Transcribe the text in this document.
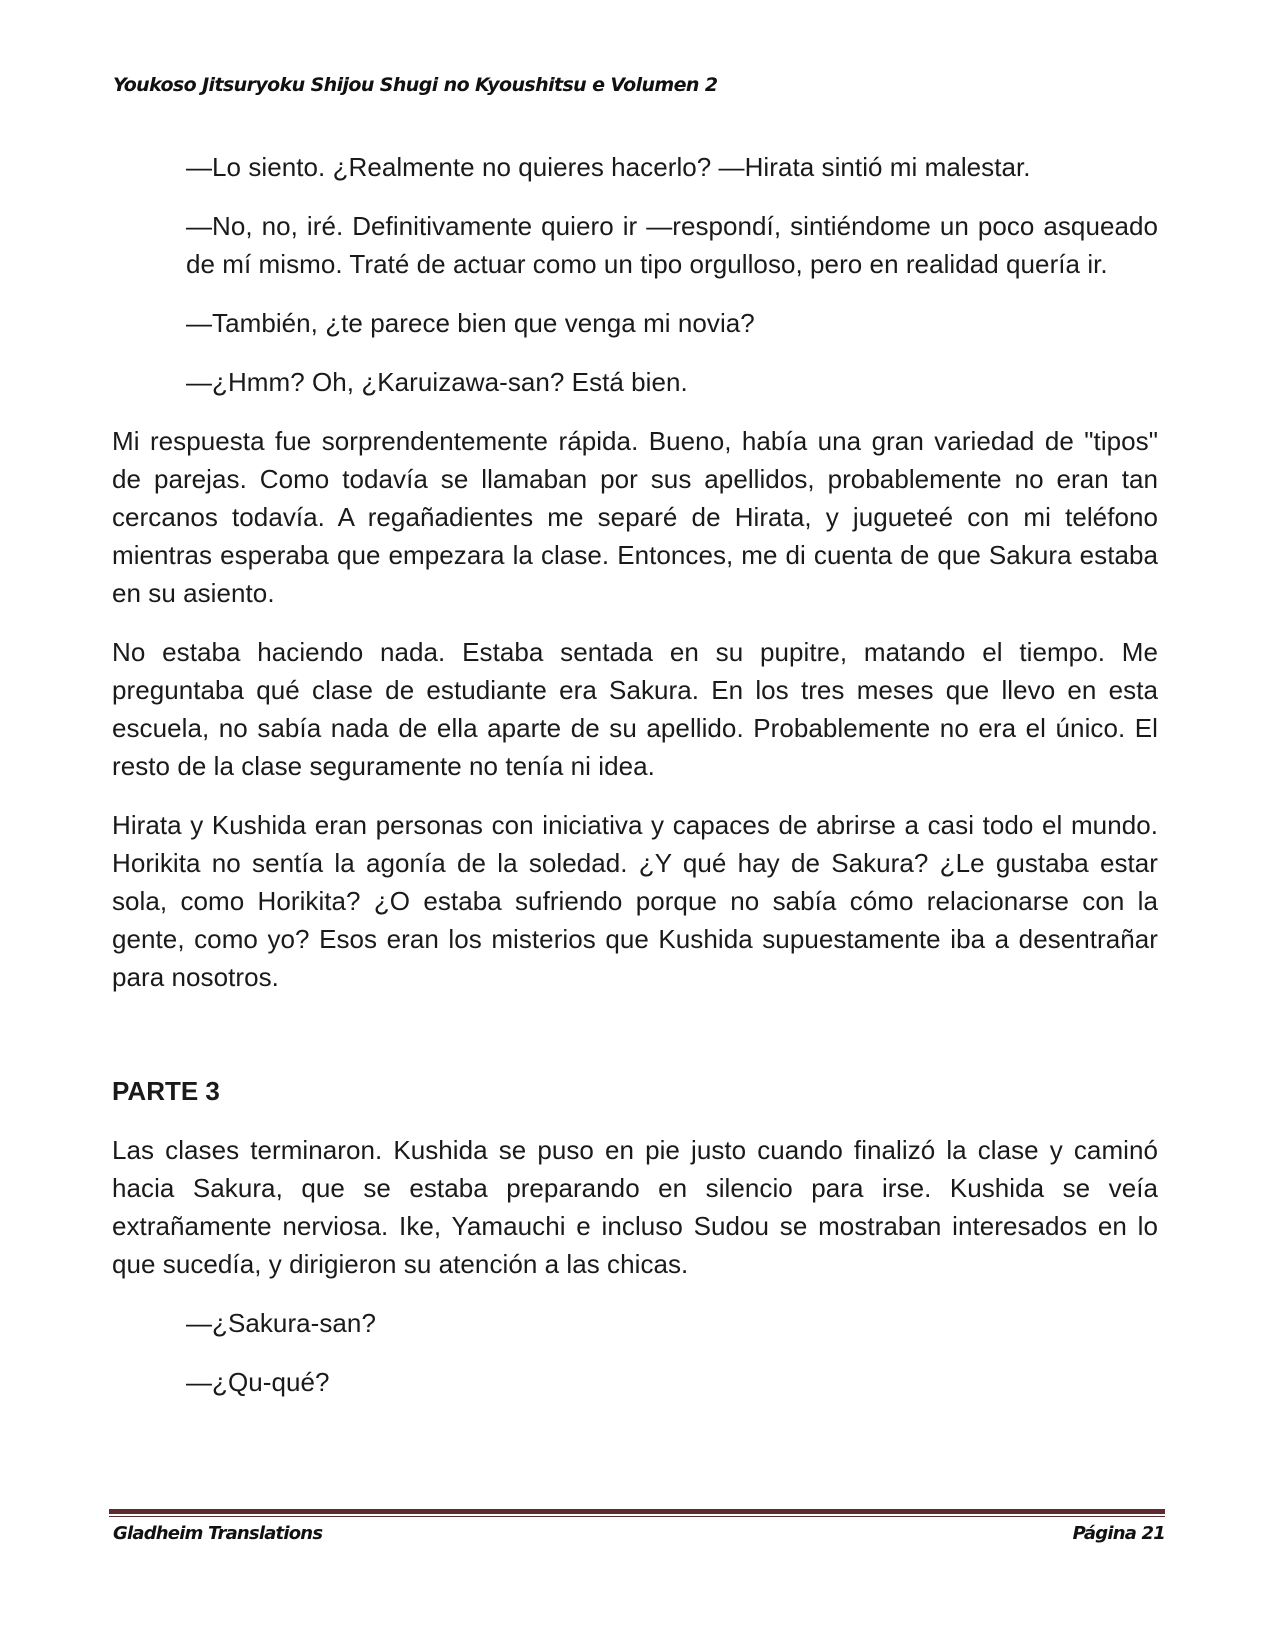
Youkoso Jitsuryoku Shijou Shugi no Kyoushitsu e Volumen 2

—Lo siento. ¿Realmente no quieres hacerlo? —Hirata sintió mi malestar.

—No, no, iré. Definitivamente quiero ir —respondí, sintiéndome un poco asqueado de mí mismo. Traté de actuar como un tipo orgulloso, pero en realidad quería ir.

—También, ¿te parece bien que venga mi novia?

—¿Hmm? Oh, ¿Karuizawa-san? Está bien.

Mi respuesta fue sorprendentemente rápida. Bueno, había una gran variedad de "tipos" de parejas. Como todavía se llamaban por sus apellidos, probablemente no eran tan cercanos todavía. A regañadientes me separé de Hirata, y jugueteé con mi teléfono mientras esperaba que empezara la clase. Entonces, me di cuenta de que Sakura estaba en su asiento.

No estaba haciendo nada. Estaba sentada en su pupitre, matando el tiempo. Me preguntaba qué clase de estudiante era Sakura. En los tres meses que llevo en esta escuela, no sabía nada de ella aparte de su apellido. Probablemente no era el único. El resto de la clase seguramente no tenía ni idea.

Hirata y Kushida eran personas con iniciativa y capaces de abrirse a casi todo el mundo. Horikita no sentía la agonía de la soledad. ¿Y qué hay de Sakura? ¿Le gustaba estar sola, como Horikita? ¿O estaba sufriendo porque no sabía cómo relacionarse con la gente, como yo? Esos eran los misterios que Kushida supuestamente iba a desentrañar para nosotros.

PARTE 3

Las clases terminaron. Kushida se puso en pie justo cuando finalizó la clase y caminó hacia Sakura, que se estaba preparando en silencio para irse. Kushida se veía extrañamente nerviosa. Ike, Yamauchi e incluso Sudou se mostraban interesados en lo que sucedía, y dirigieron su atención a las chicas.

—¿Sakura-san?

—¿Qu-qué?

Gladheim Translations	Página 21
